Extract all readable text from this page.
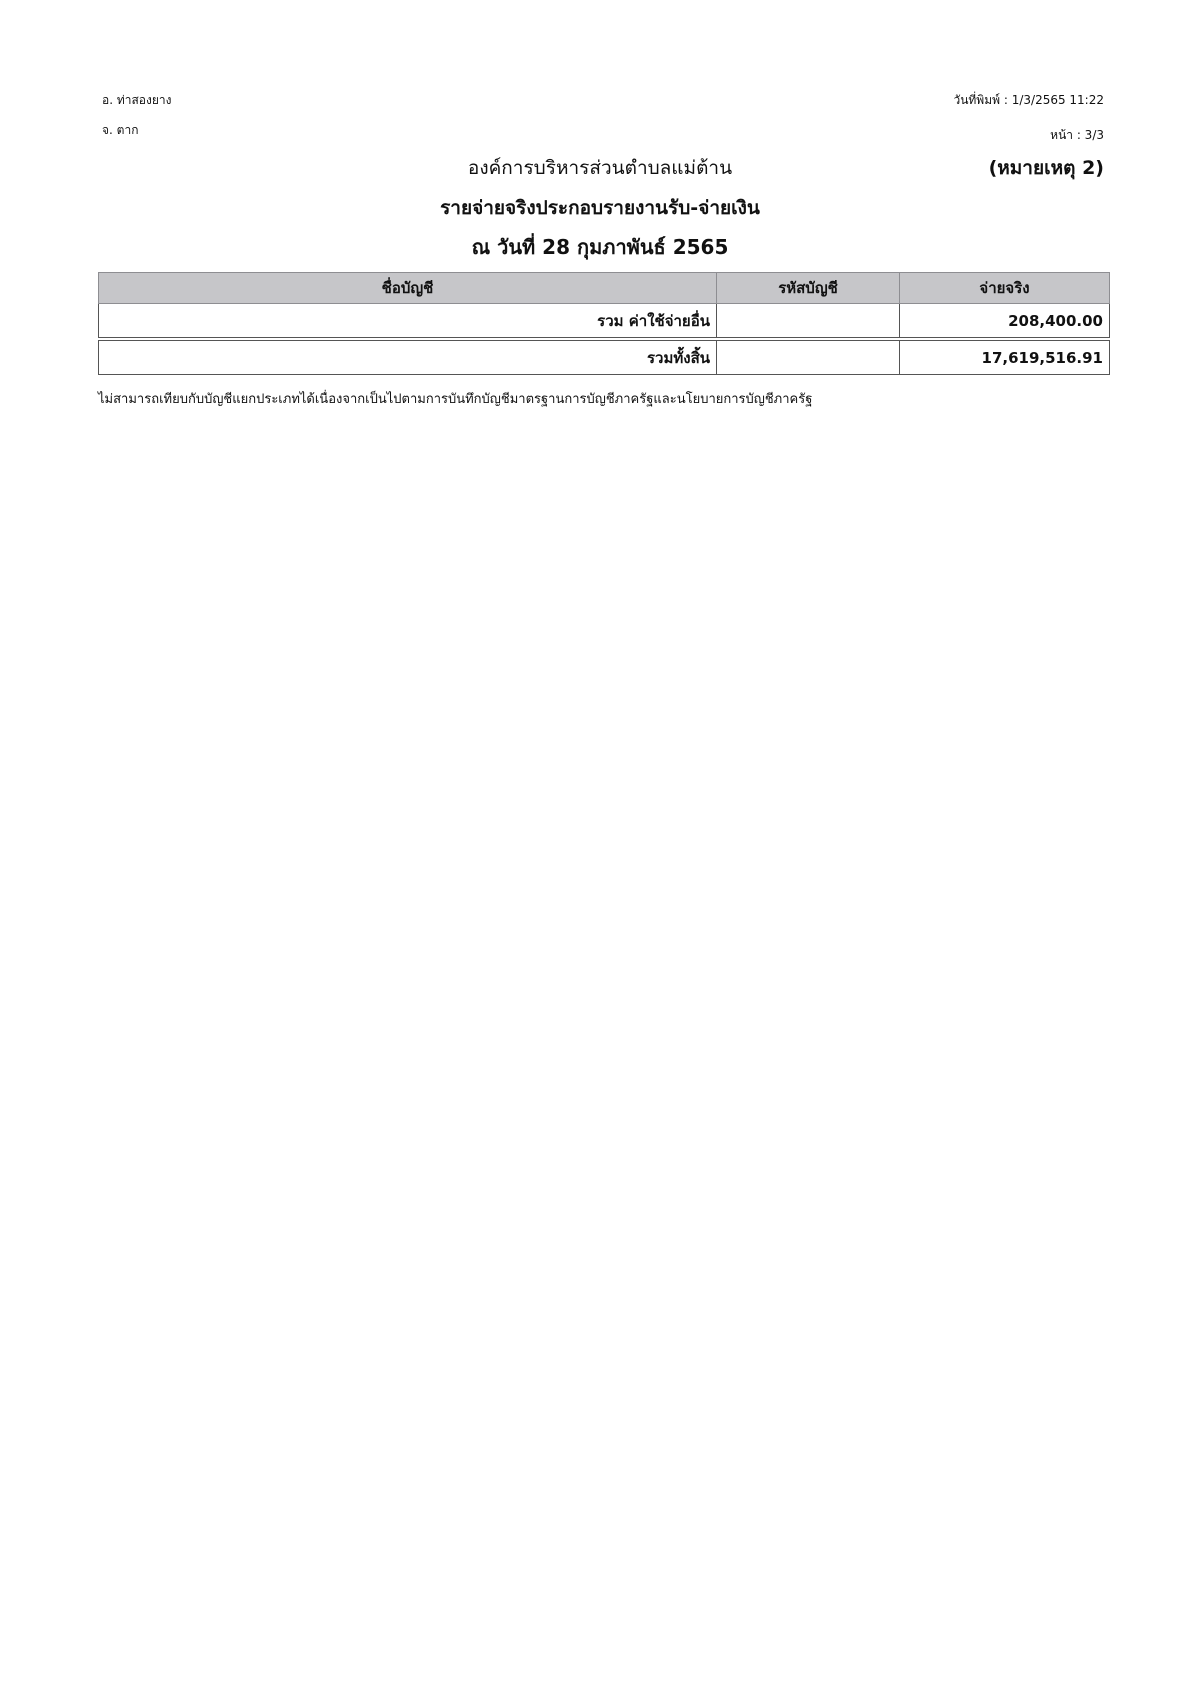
อ. ท่าสองยาง
จ. ตาก
วันที่พิมพ์ : 1/3/2565 11:22
หน้า : 3/3
องค์การบริหารส่วนตำบลแม่ต้าน	(หมายเหตุ 2)
รายจ่ายจริงประกอบรายงานรับ-จ่ายเงิน
ณ วันที่ 28 กุมภาพันธ์ 2565
ชื่อบัญชี	รหัสบัญชี	จ่ายจริง
รวม ค่าใช้จ่ายอื่น		208,400.00

รวมทั้งสิ้น		17,619,516.91
ไม่สามารถเทียบกับบัญชีแยกประเภทได้เนื่องจากเป็นไปตามการบันทึกบัญชีมาตรฐานการบัญชีภาครัฐและนโยบายการบัญชีภาครัฐ
